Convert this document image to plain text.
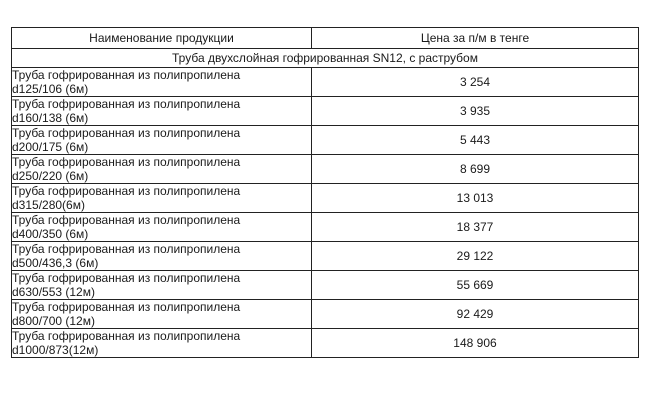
Наименование продукции	Цена за п/м в тенге
Труба двухслойная гофрированная SN12, с раструбом	

Труба гофрированная из полипропилена
d125/106 (6м)	3 254

Труба гофрированная из полипропилена
d160/138 (6м)	3 935

Труба гофрированная из полипропилена
d200/175 (6м)	5 443

Труба гофрированная из полипропилена
d250/220 (6м)	8 699

Труба гофрированная из полипропилена
d315/280(6м)	13 013

Труба гофрированная из полипропилена
d400/350 (6м)	18 377

Труба гофрированная из полипропилена
d500/436,3 (6м)	29 122

Труба гофрированная из полипропилена
d630/553 (12м)	55 669

Труба гофрированная из полипропилена
d800/700 (12м)	92 429

Труба гофрированная из полипропилена
d1000/873(12м)	148 906
